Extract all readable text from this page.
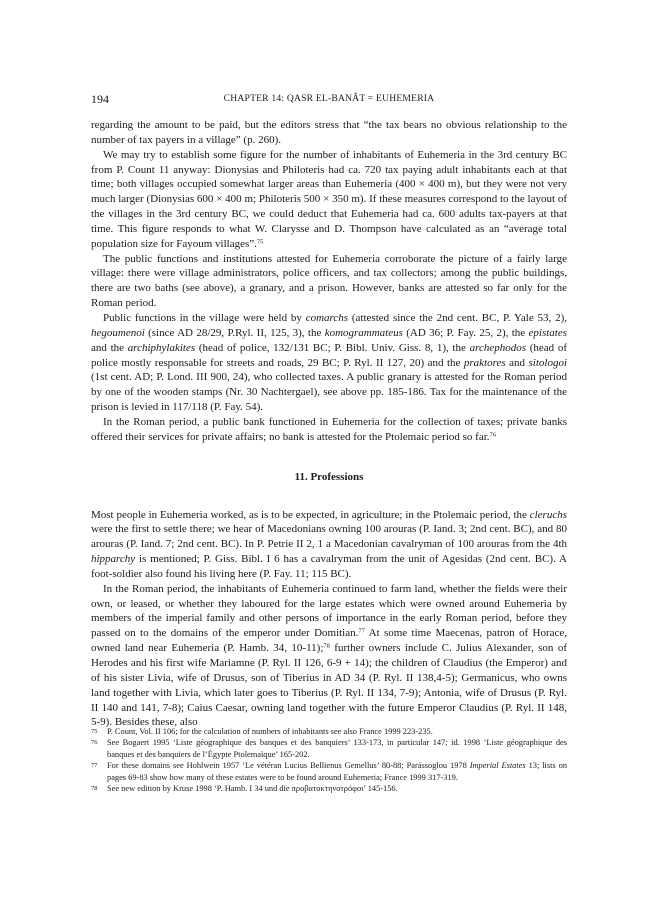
194	CHAPTER 14: QASR EL-BANÂT = EUHEMERIA

regarding the amount to be paid, but the editors stress that “the tax bears no obvious relationship to the number of tax payers in a village” (p. 260).

We may try to establish some figure for the number of inhabitants of Euhemeria in the 3rd century BC from P. Count 11 anyway: Dionysias and Philoteris had ca. 720 tax paying adult inhabitants each at that time; both villages occupied somewhat larger areas than Euhemeria (400 × 400 m), but they were not very much larger (Dionysias 600 × 400 m; Philoteris 500 × 350 m). If these measures correspond to the layout of the villages in the 3rd century BC, we could deduct that Euhemeria had ca. 600 adults tax-payers at that time. This figure responds to what W. Clarysse and D. Thompson have calculated as an “average total population size for Fayoum villages”.$^{75}$

The public functions and institutions attested for Euhemeria corroborate the picture of a fairly large village: there were village administrators, police officers, and tax collectors; among the public buildings, there are two baths (see above), a granary, and a prison. However, banks are attested so far only for the Roman period.

Public functions in the village were held by comarchs (attested since the 2nd cent. BC, P. Yale 53, 2), hegoumenoi (since AD 28/29, P.Ryl. II, 125, 3), the komogrammateus (AD 36; P. Fay. 25, 2), the epistates and the archiphylakites (head of police, 132/131 BC; P. Bibl. Univ. Giss. 8, 1), the archephodos (head of police mostly responsable for streets and roads, 29 BC; P. Ryl. II 127, 20) and the praktores and sitologoi (1st cent. AD; P. Lond. III 900, 24), who collected taxes. A public granary is attested for the Roman period by one of the wooden stamps (Nr. 30 Nachtergael), see above pp. 185-186. Tax for the maintenance of the prison is levied in 117/118 (P. Fay. 54).

In the Roman period, a public bank functioned in Euhemeria for the collection of taxes; private banks offered their services for private affairs; no bank is attested for the Ptolemaic period so far.$^{76}$

11. Professions

Most people in Euhemeria worked, as is to be expected, in agriculture; in the Ptolemaic period, the cleruchs were the first to settle there; we hear of Macedonians owning 100 arouras (P. Iand. 3; 2nd cent. BC), and 80 arouras (P. Iand. 7; 2nd cent. BC). In P. Petrie II 2, 1 a Macedonian cavalryman of 100 arouras from the 4th hipparchy is mentioned; P. Giss. Bibl. I 6 has a cavalryman from the unit of Agesidas (2nd cent. BC). A foot-soldier also found his living here (P. Fay. 11; 115 BC).

In the Roman period, the inhabitants of Euhemeria continued to farm land, whether the fields were their own, or leased, or whether they laboured for the large estates which were owned around Euhemeria by members of the imperial family and other persons of importance in the early Roman period, before they passed on to the domains of the emperor under Domitian.$^{77}$ At some time Maecenas, patron of Horace, owned land near Euhemeria (P. Hamb. 34, 10-11);$^{78}$ further owners include C. Julius Alexander, son of Herodes and his first wife Mariamne (P. Ryl. II 126, 6-9 + 14); the children of Claudius (the Emperor) and of his sister Livia, wife of Drusus, son of Tiberius in AD 34 (P. Ryl. II 138,4-5); Germanicus, who owns land together with Livia, which later goes to Tiberius (P. Ryl. II 134, 7-9); Antonia, wife of Drusus (P. Ryl. II 140 and 141, 7-8); Caius Caesar, owning land together with the future Emperor Claudius (P. Ryl. II 148, 5-9). Besides these, also

75	P. Count, Vol. II 106; for the calculation of numbers of inhabitants see also France 1999 223-235.
76	See Bogaert 1995 ‘Liste géographique des banques et des banquiers’ 133-173, in particular 147; id. 1998 ‘Liste géographique des banques et des banquiers de l’Égypte Ptolemaïque’ 165-202.
77	For these domains see Hohlwein 1957 ‘Le vétéran Lucius Bellienus Gemellus’ 80-88; Parássoglou 1978 Imperial Estates 13; lists on pages 69-83 show how many of these estates were to be found around Euhemeria; France 1999 317-319.
78	See new edition by Kruse 1998 ‘P. Hamb. I 34 und die προβατοκτηνοτρόφοι’ 145-156.
